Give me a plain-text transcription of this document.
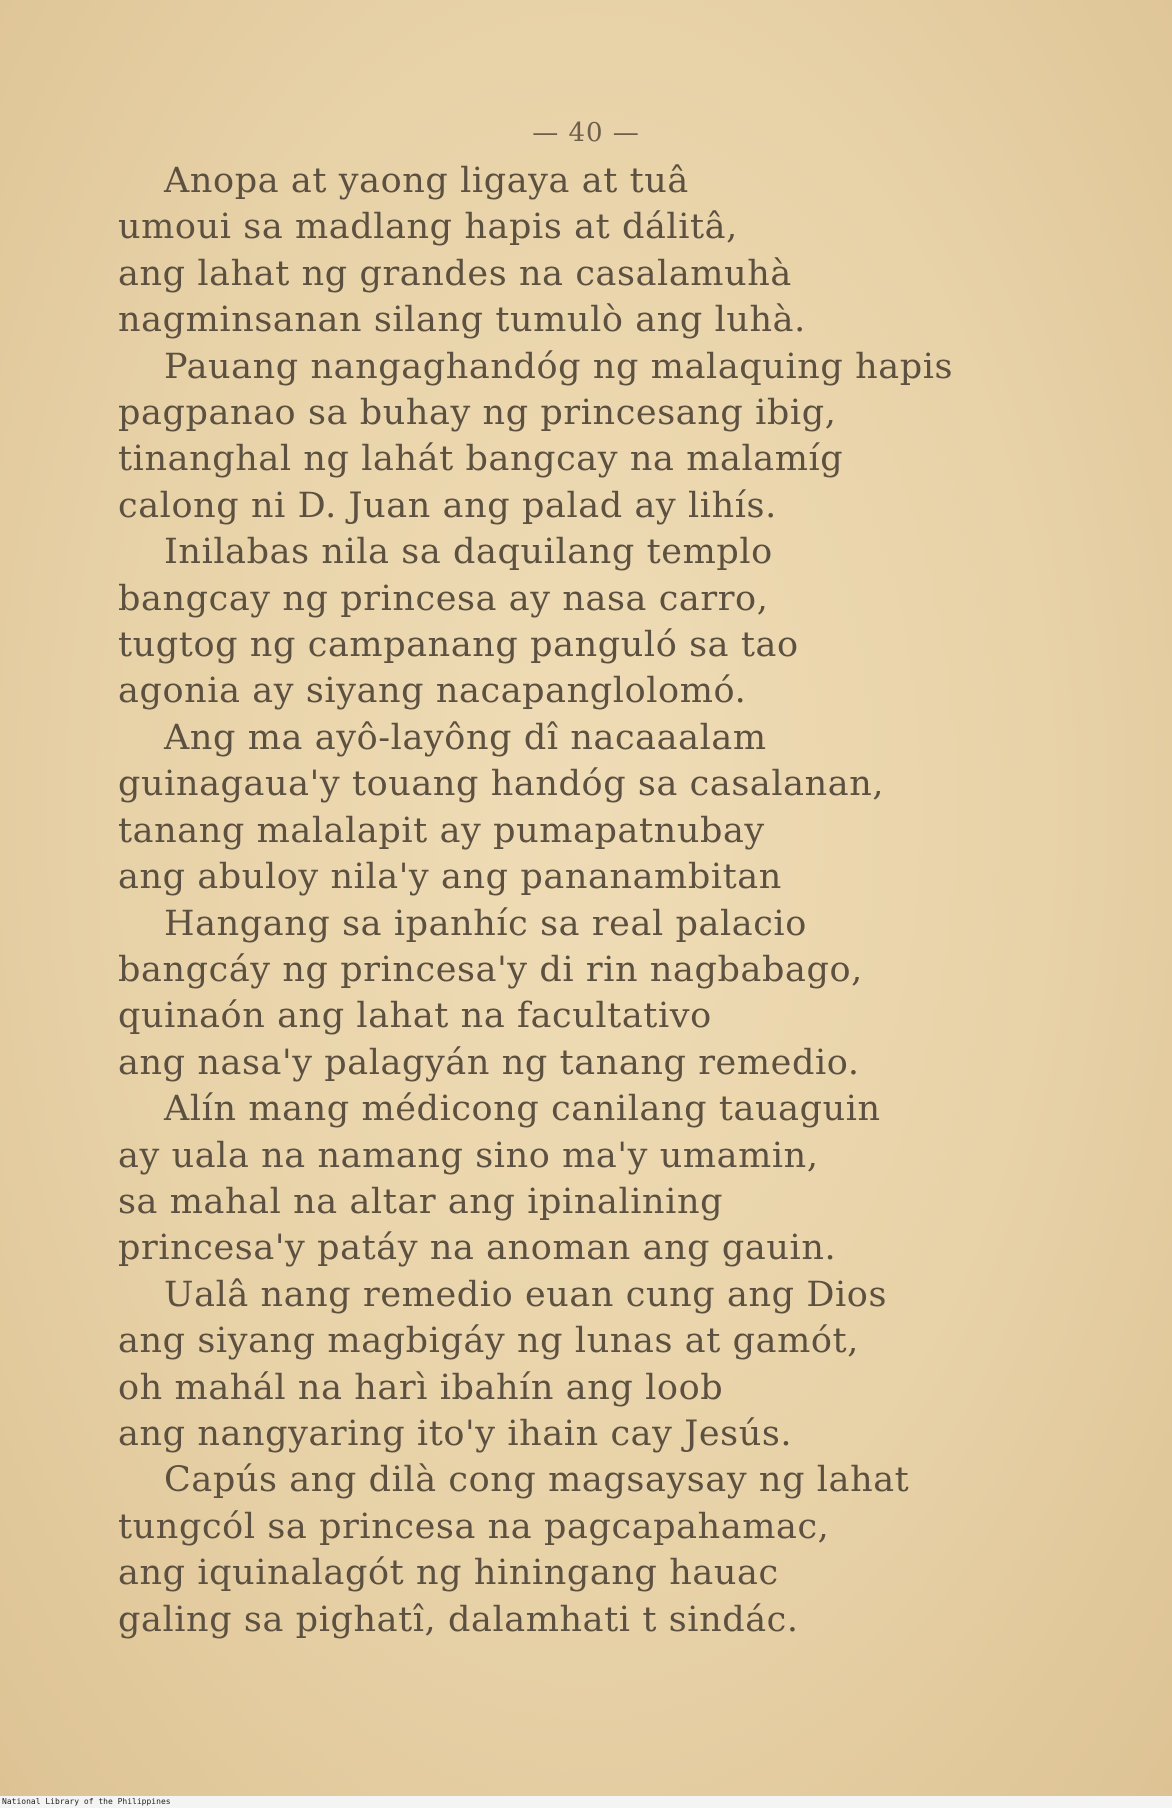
— 40 —
Anopa at yaong ligaya at tuâ
umoui sa madlang hapis at dálitâ,
ang lahat ng grandes na casalamuhà
nagminsanan silang tumulò ang luhà.
Pauang nangaghandóg ng malaquing hapis
pagpanao sa buhay ng princesang ibig,
tinanghal ng lahát bangcay na malamíg
calong ni D. Juan ang palad ay lihís.
Inilabas nila sa daquilang templo
bangcay ng princesa ay nasa carro,
tugtog ng campanang panguló sa tao
agonia ay siyang nacapanglolomó.
Ang ma ayô-layông dî nacaaalam
guinagaua'y touang handóg sa casalanan,
tanang malalapit ay pumapatnubay
ang abuloy nila'y ang pananambitan
Hangang sa ipanhíc sa real palacio
bangcáy ng princesa'y di rin nagbabago,
quinaón ang lahat na facultativo
ang nasa'y palagyán ng tanang remedio.
Alín mang médicong canilang tauaguin
ay uala na namang sino ma'y umamin,
sa mahal na altar ang ipinalining
princesa'y patáy na anoman ang gauin.
Ualâ nang remedio euan cung ang Dios
ang siyang magbigáy ng lunas at gamót,
oh mahál na harì ibahín ang loob
ang nangyaring ito'y ihain cay Jesús.
Capús ang dilà cong magsaysay ng lahat
tungcól sa princesa na pagcapahamac,
ang iquinalagót ng hiningang hauac
galing sa pighatî, dalamhati t sindác.
National Library of the Philippines
